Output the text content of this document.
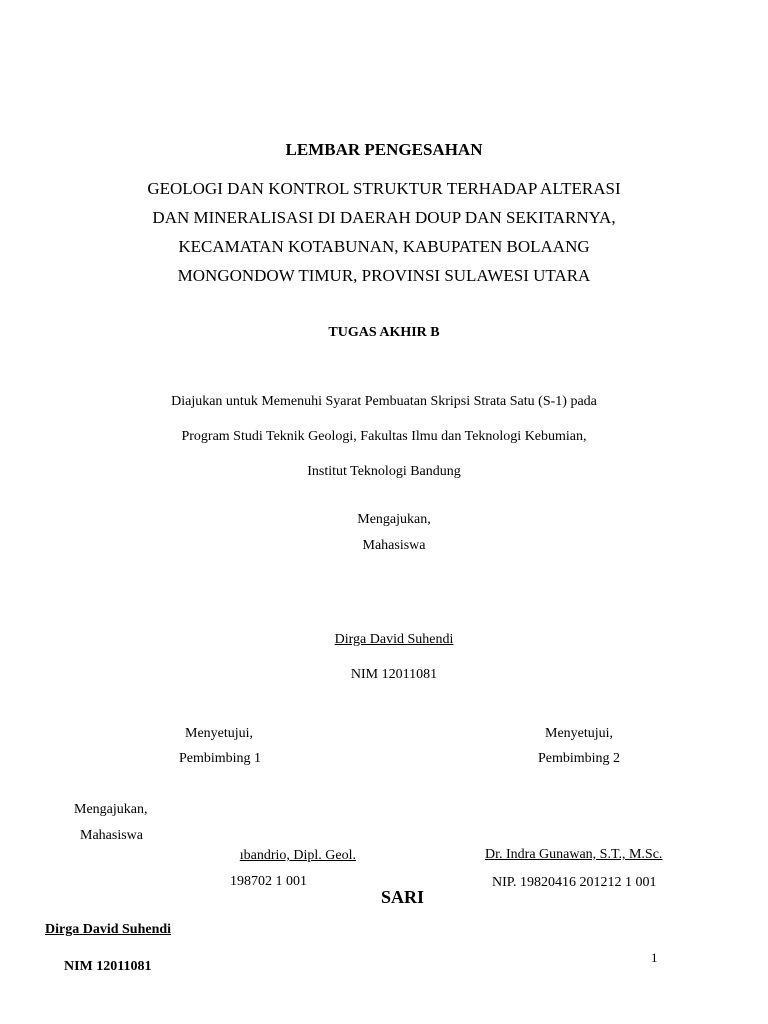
LEMBAR PENGESAHAN
GEOLOGI DAN KONTROL STRUKTUR TERHADAP ALTERASI
DAN MINERALISASI DI DAERAH DOUP DAN SEKITARNYA,
KECAMATAN KOTABUNAN, KABUPATEN BOLAANG
MONGONDOW TIMUR, PROVINSI SULAWESI UTARA
TUGAS AKHIR B
Diajukan untuk Memenuhi Syarat Pembuatan Skripsi Strata Satu (S-1) pada
Program Studi Teknik Geologi, Fakultas Ilmu dan Teknologi Kebumian,
Institut Teknologi Bandung
Mengajukan,
Mahasiswa
Dirga David Suhendi
NIM 12011081
Menyetujui,
Pembimbing 1
Menyetujui,
Pembimbing 2
Mengajukan,
Mahasiswa
ıbandrio, Dipl. Geol.
198702 1 001
Dr. Indra Gunawan, S.T., M.Sc.
NIP. 19820416 201212 1 001
SARI
Dirga David Suhendi
NIM 12011081
1
